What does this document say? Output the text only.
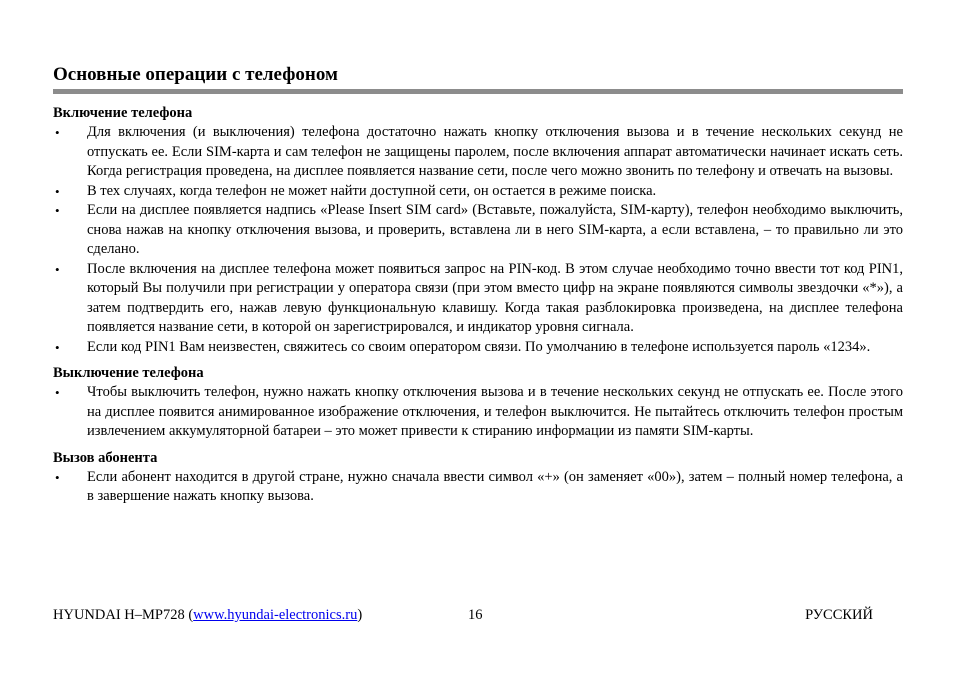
Основные операции с телефоном
Включение телефона
• Для включения (и выключения) телефона достаточно нажать кнопку отключения вызова и в течение нескольких секунд не отпускать ее. Если SIM-карта и сам телефон не защищены паролем, после включения аппарат автоматически начинает искать сеть. Когда регистрация проведена, на дисплее появляется название сети, после чего можно звонить по телефону и отвечать на вызовы.
• В тех случаях, когда телефон не может найти доступной сети, он остается в режиме поиска.
• Если на дисплее появляется надпись «Please Insert SIM card» (Вставьте, пожалуйста, SIM-карту), телефон необходимо выключить, снова нажав на кнопку отключения вызова, и проверить, вставлена ли в него SIM-карта, а если вставлена, – то правильно ли это сделано.
• После включения на дисплее телефона может появиться запрос на PIN-код. В этом случае необходимо точно ввести тот код PIN1, который Вы получили при регистрации у оператора связи (при этом вместо цифр на экране появляются символы звездочки «*»), а затем подтвердить его, нажав левую функциональную клавишу. Когда такая разблокировка произведена, на дисплее телефона появляется название сети, в которой он зарегистрировался, и индикатор уровня сигнала.
• Если код PIN1 Вам неизвестен, свяжитесь со своим оператором связи. По умолчанию в телефоне используется пароль «1234».
Выключение телефона
• Чтобы выключить телефон, нужно нажать кнопку отключения вызова и в течение нескольких секунд не отпускать ее. После этого на дисплее появится анимированное изображение отключения, и телефон выключится. Не пытайтесь отключить телефон простым извлечением аккумуляторной батареи – это может привести к стиранию информации из памяти SIM-карты.
Вызов абонента
• Если абонент находится в другой стране, нужно сначала ввести символ «+» (он заменяет «00»), затем – полный номер телефона, а в завершение нажать кнопку вызова.
HYUNDAI H–MP728 (www.hyundai-electronics.ru)	16	РУССКИЙ
